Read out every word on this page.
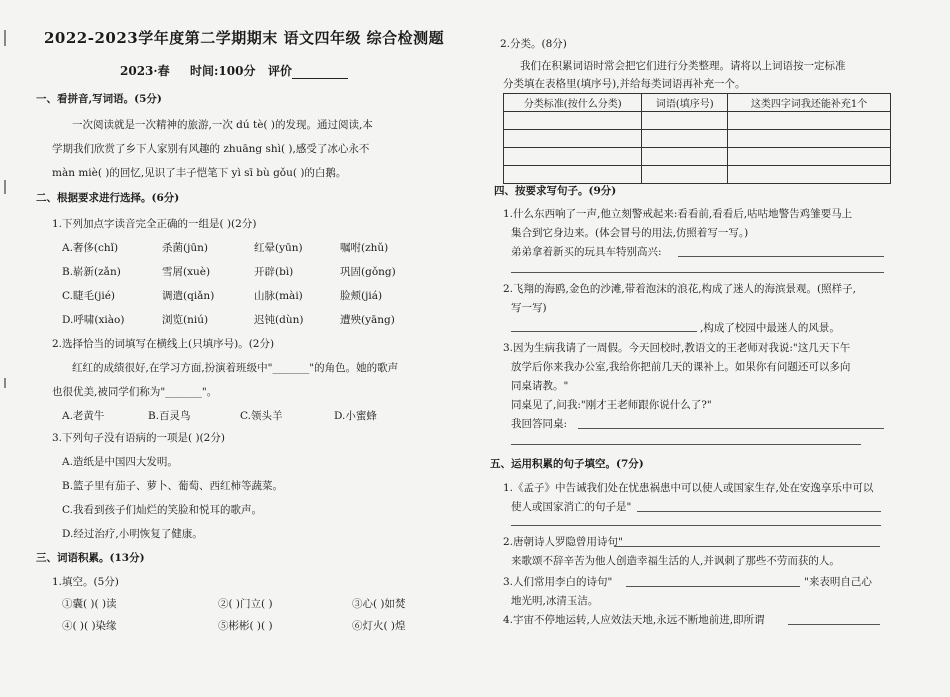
2022-2023学年度第二学期期末 语文四年级 综合检测题
2023·春 时间:100分 评价
一、看拼音,写词语。(5分)
一次阅读就是一次精神的旅游,一次 dú tè( )的发现。通过阅读,本
学期我们欣赏了乡下人家别有风趣的 zhuāng shì( ),感受了冰心永不
màn miè( )的回忆,见识了丰子恺笔下 yì sī bù gǒu( )的白鹅。
二、根据要求进行选择。(6分)
1.下列加点字读音完全正确的一组是( )(2分)
A.奢侈(chǐ)	杀菌(jūn)	红晕(yūn)	嘱咐(zhǔ)
B.崭新(zǎn)	雪屑(xuè)	开辟(bì)	巩固(gǒng)
C.睫毛(jié)	调遣(qiǎn)	山脉(mài)	脸颊(jiá)
D.呼啸(xiào)	浏览(niú)	迟钝(dùn)	遭殃(yāng)
2.选择恰当的词填写在横线上(只填序号)。(2分)
红红的成绩很好,在学习方面,扮演着班级中"_______"的角色。她的歌声
也很优美,被同学们称为"_______"。
A.老黄牛	B.百灵鸟	C.领头羊	D.小蜜蜂
3.下列句子没有语病的一项是( )(2分)
A.造纸是中国四大发明。
B.篮子里有茄子、萝卜、葡萄、西红柿等蔬菜。
C.我看到孩子们灿烂的笑脸和悦耳的歌声。
D.经过治疗,小明恢复了健康。
三、词语积累。(13分)
1.填空。(5分)
①囊( )( )读	②( )门立( )	③心( )如焚
④( )( )染缘	⑤彬彬( )( )	⑥灯火( )煌
2.分类。(8分)
我们在积累词语时常会把它们进行分类整理。请将以上词语按一定标准
分类填在表格里(填序号),并给每类词语再补充一个。
分类标准(按什么分类)	词语(填序号)	这类四字词我还能补充1个

四、按要求写句子。(9分)
1.什么东西响了一声,他立刻警戒起来:看看前,看看后,咕咕地警告鸡雏要马上
集合到它身边来。(体会冒号的用法,仿照着写一写。)
弟弟拿着新买的玩具车特别高兴:
2.飞翔的海鸥,金色的沙滩,带着泡沫的浪花,构成了迷人的海滨景观。(照样子,
写一写)
,构成了校园中最迷人的风景。
3.因为生病我请了一周假。今天回校时,教语文的王老师对我说:"这几天下午
放学后你来我办公室,我给你把前几天的课补上。如果你有问题还可以多向
同桌请教。"
同桌见了,问我:"刚才王老师跟你说什么了?"
我回答同桌:
五、运用积累的句子填空。(7分)
1.《孟子》中告诫我们处在忧患祸患中可以使人或国家生存,处在安逸享乐中可以
使人或国家消亡的句子是"
2.唐朝诗人罗隐曾用诗句"
来歌颂不辞辛苦为他人创造幸福生活的人,并讽刺了那些不劳而获的人。
3.人们常用李白的诗句"	"来表明自己心
地光明,冰清玉洁。
4.宇宙不停地运转,人应效法天地,永远不断地前进,即所谓
